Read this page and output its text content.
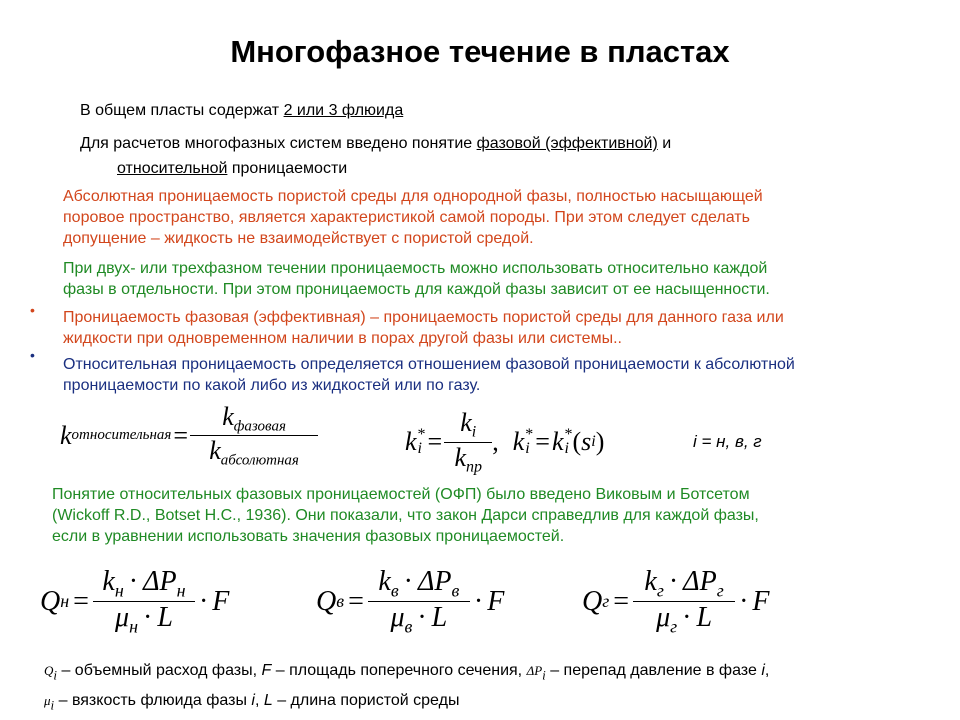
Многофазное течение в пластах
В общем пласты содержат 2 или 3 флюида
Для расчетов многофазных систем введено понятие фазовой (эффективной) и
относительной проницаемости
Абсолютная проницаемость пористой среды для однородной фазы, полностью насыщающей
поровое пространство, является характеристикой самой породы. При этом следует сделать
допущение – жидкость не взаимодействует с пористой средой.
При двух- или трехфазном течении проницаемость можно использовать относительно каждой
фазы в отдельности. При этом проницаемость для каждой фазы зависит от ее насыщенности.
• Проницаемость фазовая (эффективная) – проницаемость пористой среды для данного газа или
жидкости при одновременном наличии в порах другой фазы или системы..
•
Относительная проницаемость определяется отношением фазовой проницаемости к абсолютной
проницаемости по какой либо из жидкостей или по газу.
k относительная = $\frac{k_{фазовая}}{k_{абсолютная}}$	k *
$i = \frac{k_i}{k_{пр}}$ , k *
i = k *
i ( s i )	i = н, в, г
Понятие относительных фазовых проницаемостей (ОФП) было введено Виковым и Ботсетом
(Wickoff R.D., Botset H.C., 1936). Они показали, что закон Дарси справедлив для каждой фазы,
если в уравнении использовать значения фазовых проницаемостей.
Q $н = \frac{k_н \cdot \Delta P_н}{\mu_н \cdot L} \cdot F$	Q $в = \frac{k_в \cdot \Delta P_в}{\mu_в \cdot L} \cdot F$	Q $г = \frac{k_г \cdot \Delta P_г}{\mu_г \cdot L} \cdot F$
$Q_i$ – объемный расход фазы, F – площадь поперечного сечения, $\Delta P_i$ – перепад давление в фазе i,
$\mu_i$ – вязкость флюида фазы i, L – длина пористой среды
